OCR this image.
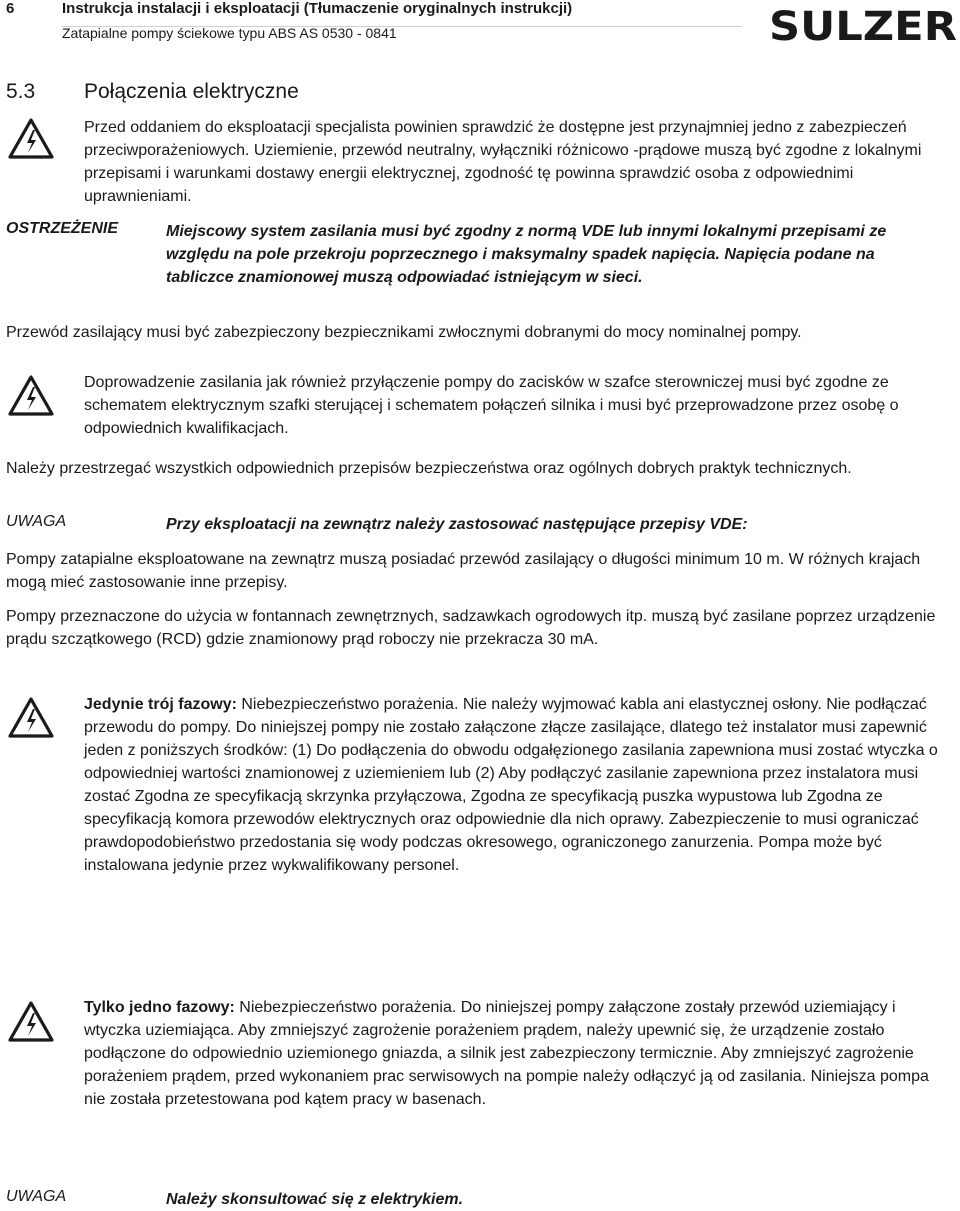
6	Instrukcja instalacji i eksploatacji (Tłumaczenie oryginalnych instrukcji)
Zatapialne pompy ściekowe typu ABS AS 0530 - 0841	SULZER
5.3 Połączenia elektryczne
Przed oddaniem do eksploatacji specjalista powinien sprawdzić że dostępne jest przynajmniej jedno z zabezpieczeń przeciwporażeniowych. Uziemienie, przewód neutralny, wyłączniki różnicowo -prądowe muszą być zgodne z lokalnymi przepisami i warunkami dostawy energii elektrycznej, zgodność tę powinna sprawdzić osoba z odpowiednimi uprawnieniami.
OSTRZEŻENIE	Miejscowy system zasilania musi być zgodny z normą VDE lub innymi lokalnymi przepisami ze względu na pole przekroju poprzecznego i maksymalny spadek napięcia. Napięcia podane na tabliczce znamionowej muszą odpowiadać istniejącym w sieci.
Przewód zasilający musi być zabezpieczony bezpiecznikami zwłocznymi dobranymi do mocy nominalnej pompy.
Doprowadzenie zasilania jak również przyłączenie pompy do zacisków w szafce sterowniczej musi być zgodne ze schematem elektrycznym szafki sterującej i schematem połączeń silnika i musi być przeprowadzone przez osobę o odpowiednich kwalifikacjach.
Należy przestrzegać wszystkich odpowiednich przepisów bezpieczeństwa oraz ogólnych dobrych praktyk technicznych.
UWAGA	Przy eksploatacji na zewnątrz należy zastosować następujące przepisy VDE:
Pompy zatapialne eksploatowane na zewnątrz muszą posiadać przewód zasilający o długości minimum 10 m. W różnych krajach mogą mieć zastosowanie inne przepisy.
Pompy przeznaczone do użycia w fontannach zewnętrznych, sadzawkach ogrodowych itp. muszą być zasilane poprzez urządzenie prądu szczątkowego (RCD) gdzie znamionowy prąd roboczy nie przekracza 30 mA.
Jedynie trój fazowy: Niebezpieczeństwo porażenia. Nie należy wyjmować kabla ani elastycznej osłony. Nie podłączać przewodu do pompy. Do niniejszej pompy nie zostało załączone złącze zasilające, dlatego też instalator musi zapewnić jeden z poniższych środków: (1) Do podłączenia do obwodu odgałęzionego zasilania zapewniona musi zostać wtyczka o odpowiedniej wartości znamionowej z uziemieniem lub (2) Aby podłączyć zasilanie zapewniona przez instalatora musi zostać Zgodna ze specyfikacją skrzynka przyłączowa, Zgodna ze specyfikacją puszka wypustowa lub Zgodna ze specyfikacją komora przewodów elektrycznych oraz odpowiednie dla nich oprawy. Zabezpieczenie to musi ograniczać prawdopodobieństwo przedostania się wody podczas okresowego, ograniczonego zanurzenia. Pompa może być instalowana jedynie przez wykwalifikowany personel.
Tylko jedno fazowy: Niebezpieczeństwo porażenia. Do niniejszej pompy załączone zostały przewód uziemiający i wtyczka uziemiająca. Aby zmniejszyć zagrożenie porażeniem prądem, należy upewnić się, że urządzenie zostało podłączone do odpowiednio uziemionego gniazda, a silnik jest zabezpieczony termicznie. Aby zmniejszyć zagrożenie porażeniem prądem, przed wykonaniem prac serwisowych na pompie należy odłączyć ją od zasilania. Niniejsza pompa nie została przetestowana pod kątem pracy w basenach.
UWAGA	Należy skonsultować się z elektrykiem.
